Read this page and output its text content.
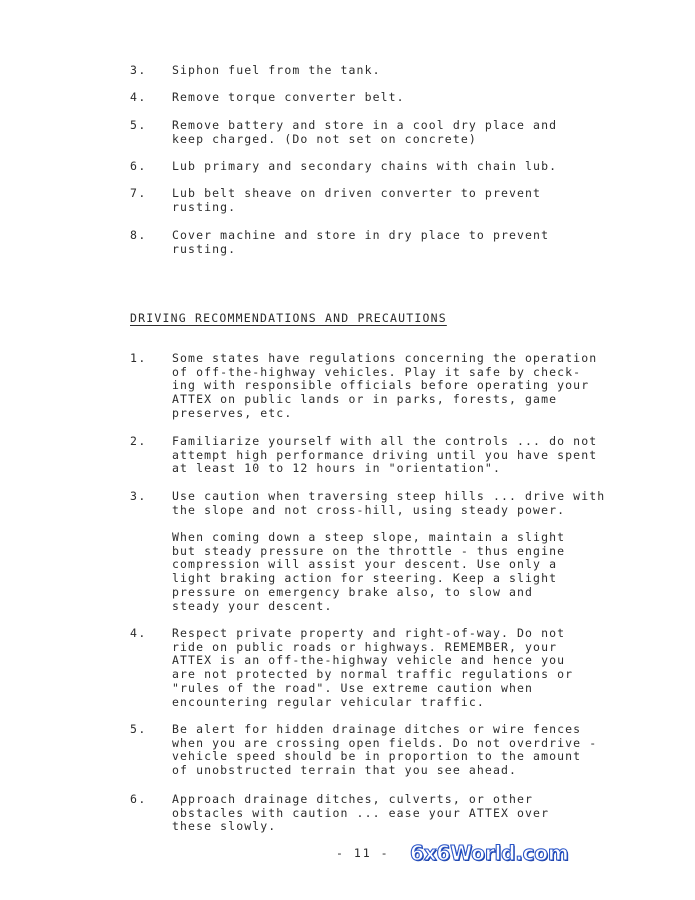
3. Siphon fuel from the tank.

4. Remove torque converter belt.

5. Remove battery and store in a cool dry place and
keep charged. (Do not set on concrete)

6. Lub primary and secondary chains with chain lub.

7. Lub belt sheave on driven converter to prevent
rusting.

8. Cover machine and store in dry place to prevent
rusting.

DRIVING RECOMMENDATIONS AND PRECAUTIONS
1. Some states have regulations concerning the operation
of off-the-highway vehicles. Play it safe by check-
ing with responsible officials before operating your
ATTEX on public lands or in parks, forests, game
preserves, etc.

2. Familiarize yourself with all the controls ... do not
attempt high performance driving until you have spent
at least 10 to 12 hours in "orientation".

3. Use caution when traversing steep hills ... drive with
the slope and not cross-hill, using steady power.

When coming down a steep slope, maintain a slight
but steady pressure on the throttle - thus engine
compression will assist your descent. Use only a
light braking action for steering. Keep a slight
pressure on emergency brake also, to slow and
steady your descent.

4. Respect private property and right-of-way. Do not
ride on public roads or highways. REMEMBER, your
ATTEX is an off-the-highway vehicle and hence you
are not protected by normal traffic regulations or
"rules of the road". Use extreme caution when
encountering regular vehicular traffic.

5. Be alert for hidden drainage ditches or wire fences
when you are crossing open fields. Do not overdrive -
vehicle speed should be in proportion to the amount
of unobstructed terrain that you see ahead.

6. Approach drainage ditches, culverts, or other
obstacles with caution ... ease your ATTEX over
these slowly.

- 11 - 6x6World.com
